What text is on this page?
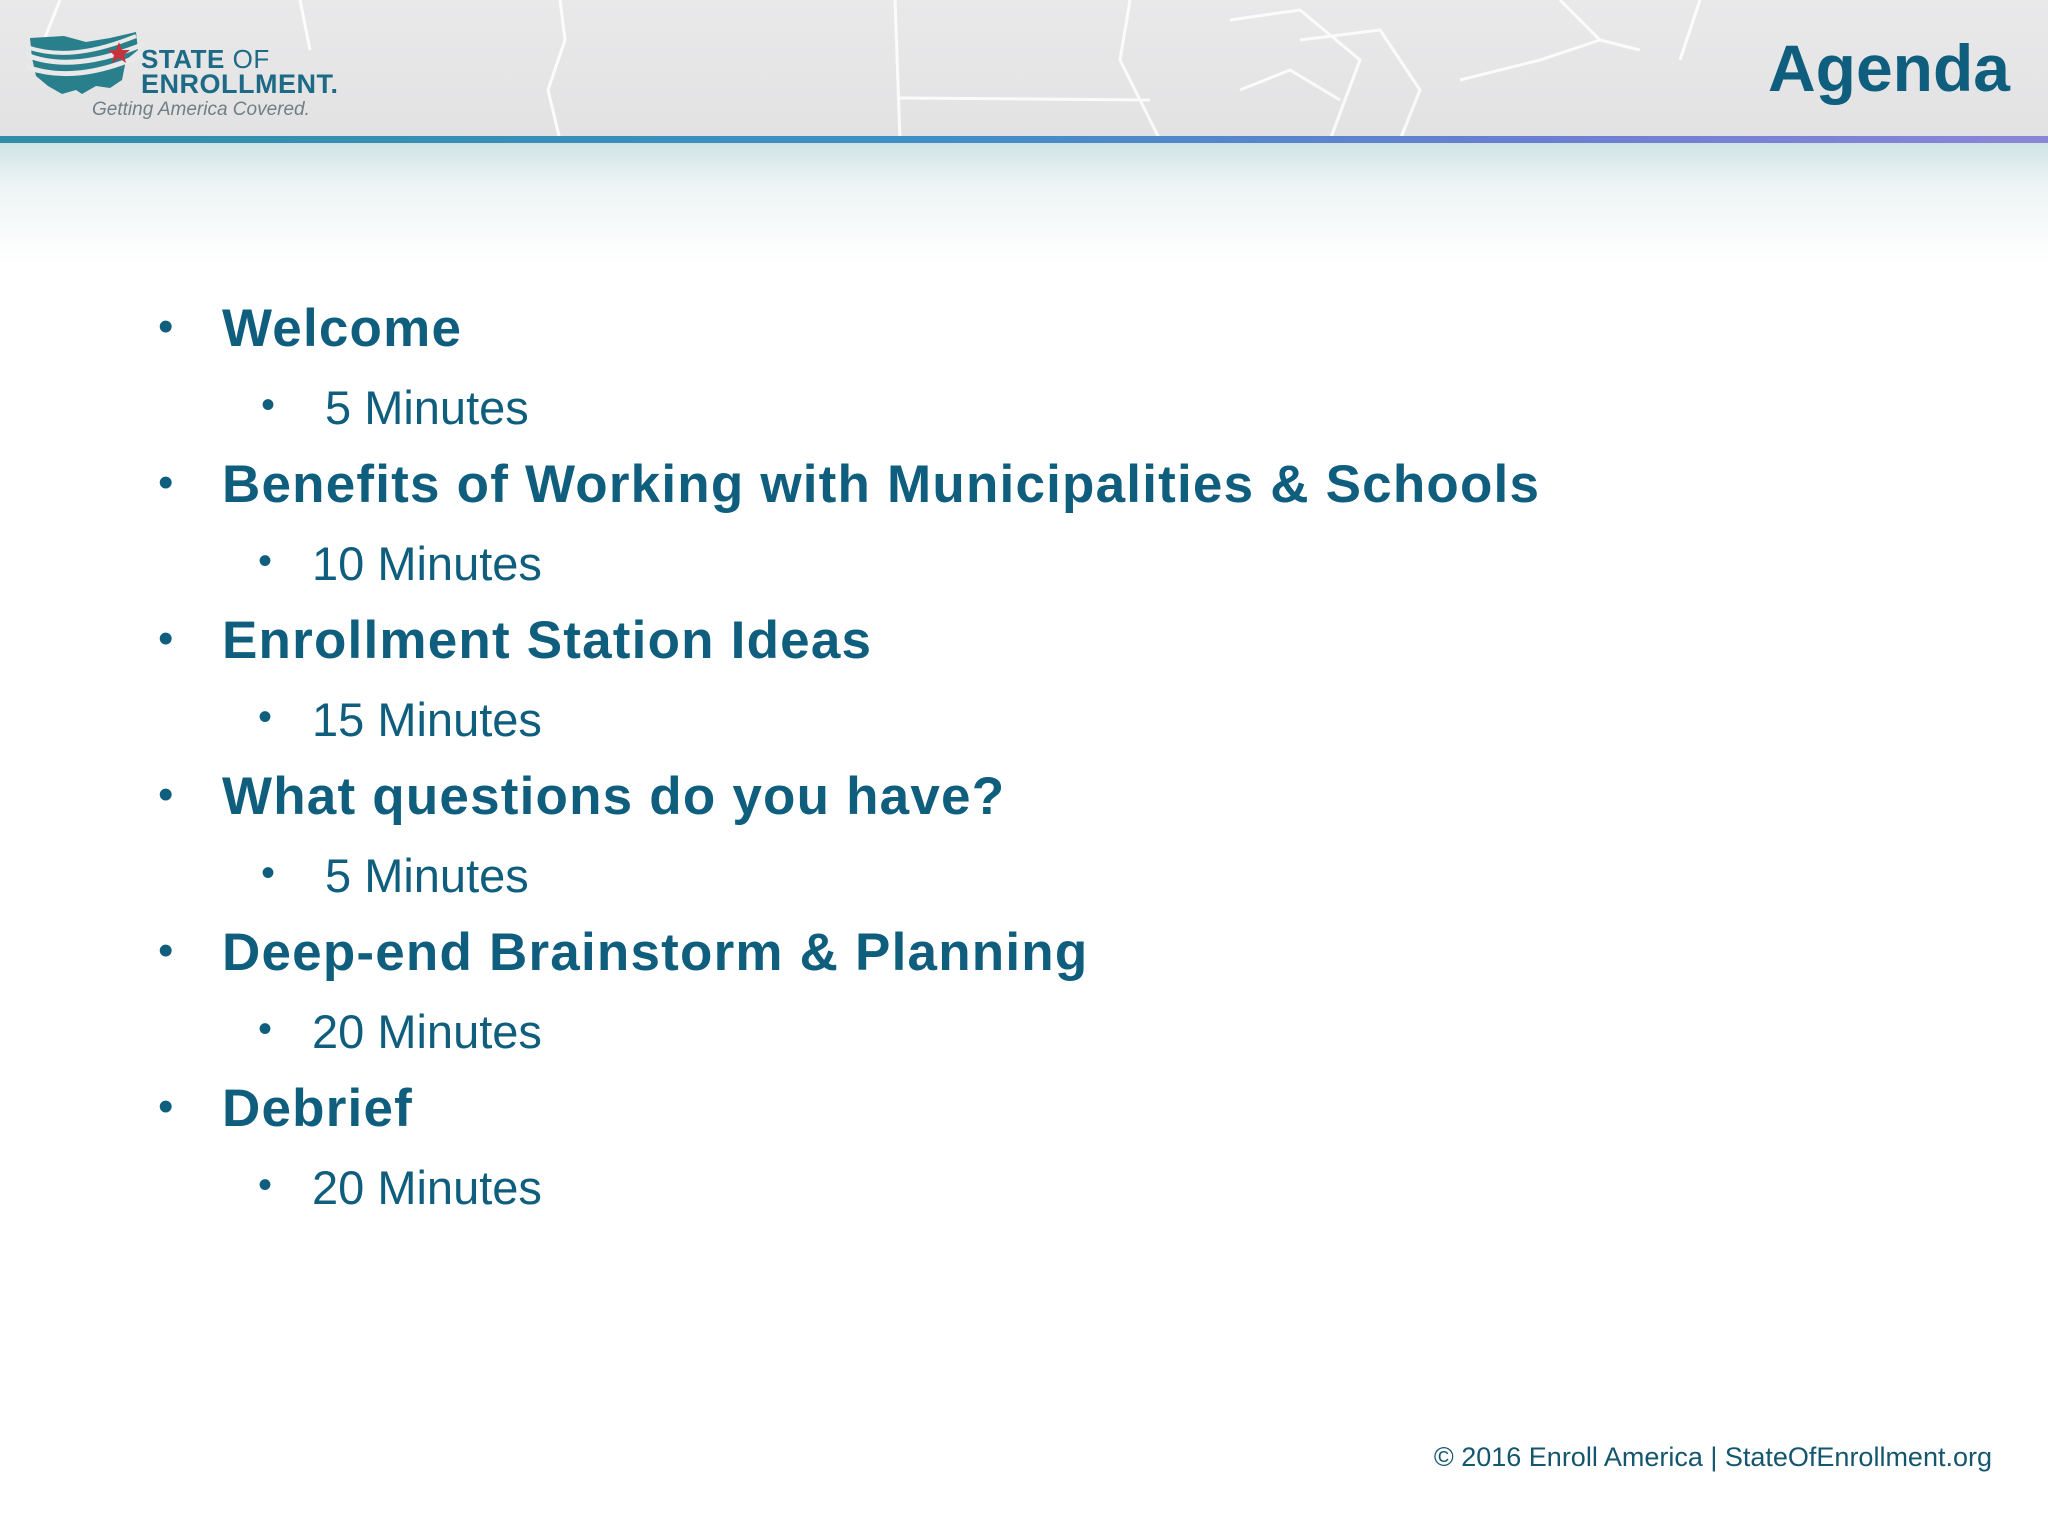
STATE OF
ENROLLMENT.
Getting America Covered.
Agenda
• Welcome
• 5 Minutes
• Benefits of Working with Municipalities & Schools
• 10 Minutes
• Enrollment Station Ideas
• 15 Minutes
• What questions do you have?
• 5 Minutes
• Deep-end Brainstorm & Planning
• 20 Minutes
• Debrief
• 20 Minutes
© 2016 Enroll America | StateOfEnrollment.org
